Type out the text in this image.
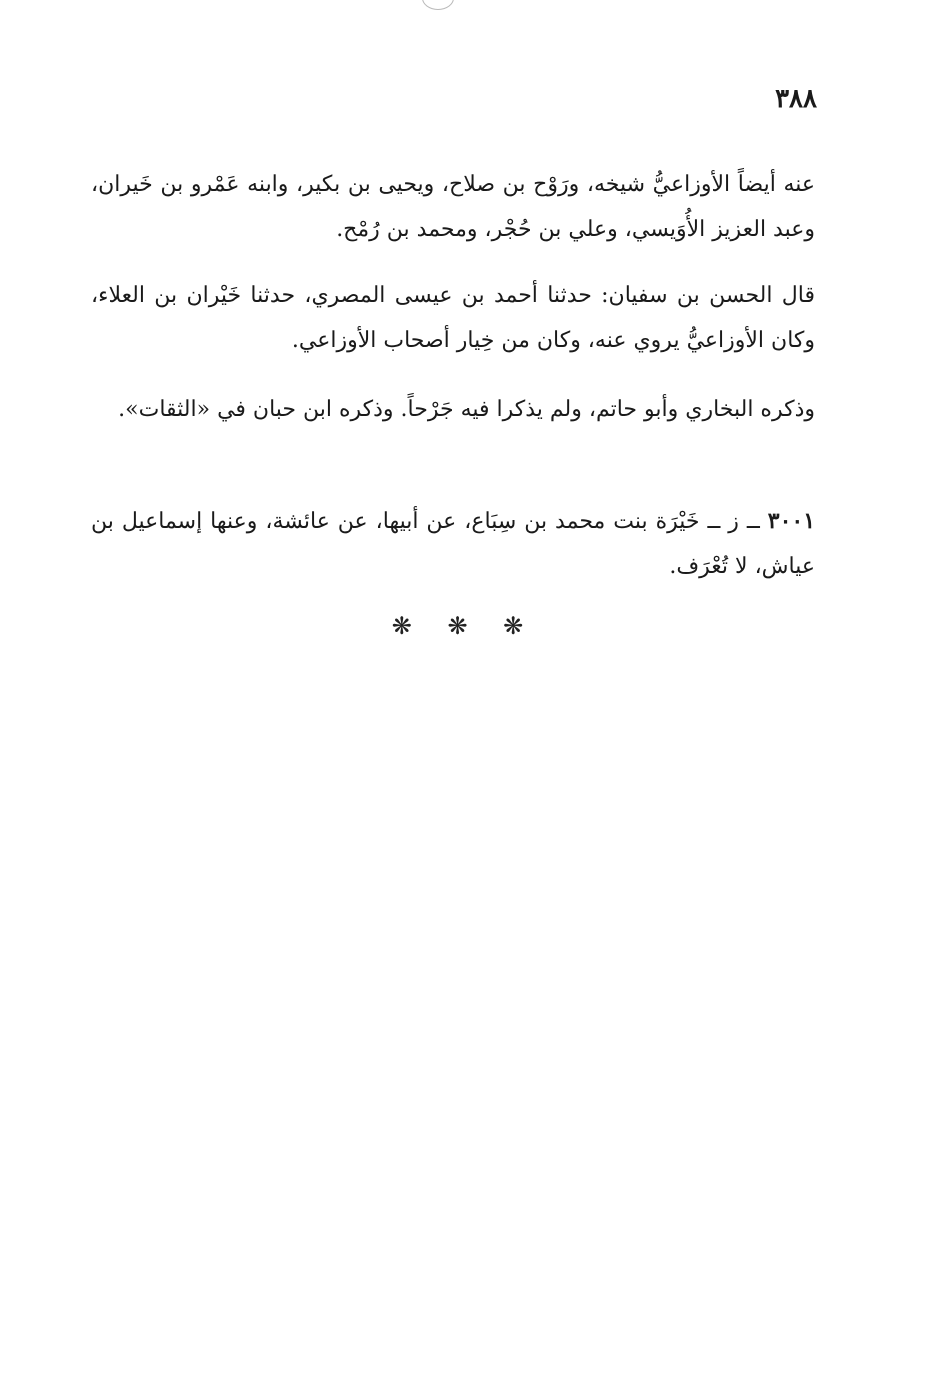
٣٨٨

عنه أيضاً الأوزاعيُّ شيخه، ورَوْح بن صلاح، ويحيى بن بكير، وابنه عَمْرو بن خَيران، وعبد العزيز الأُوَيسي، وعلي بن حُجْر، ومحمد بن رُمْح.

قال الحسن بن سفيان: حدثنا أحمد بن عيسى المصري، حدثنا خَيْران بن العلاء، وكان الأوزاعيُّ يروي عنه، وكان من خِيار أصحاب الأوزاعي.

وذكره البخاري وأبو حاتم، ولم يذكرا فيه جَرْحاً. وذكره ابن حبان في «الثقات».

٣٠٠١ ــ ز ــ خَيْرَة بنت محمد بن سِبَاع، عن أبيها، عن عائشة، وعنها إسماعيل بن عياش، لا تُعْرَف.

❋ ❋ ❋
